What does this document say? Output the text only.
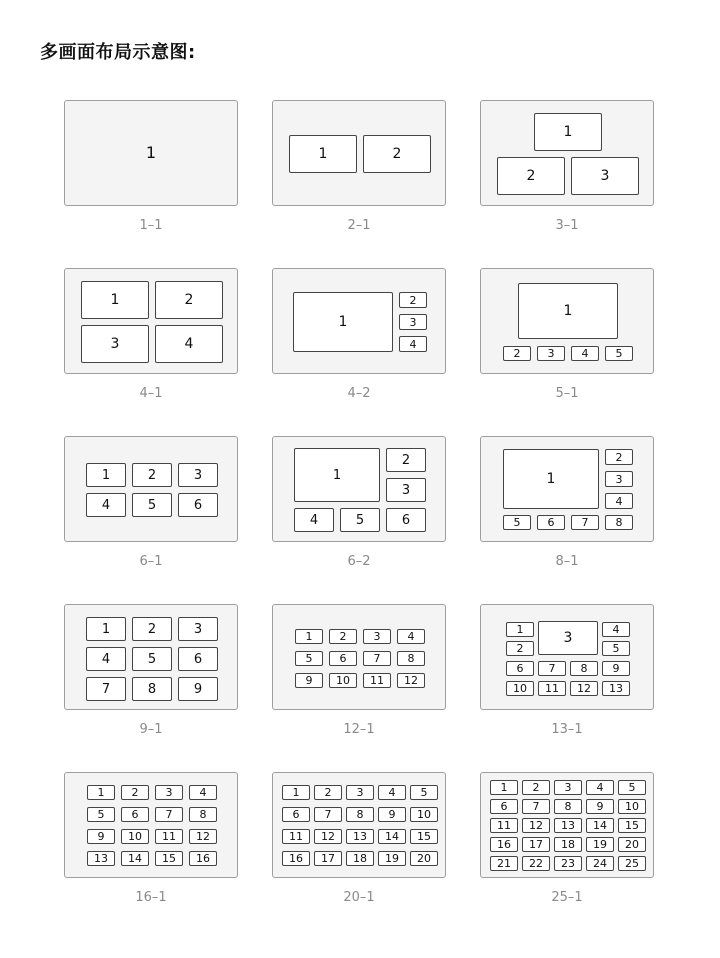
多画面布局示意图:
1
1–1
1	2
2–1
1
2	3
3–1
1	2
3	4
4–1
1
2
3
4
4–2
1
2	3	4	5
5–1
1	2	3
4	5	6
6–1
1
2
3
4	5	6
6–2
1
2
3
4
5	6	7	8
8–1
1	2	3
4	5	6
7	8	9
9–1
1	2	3	4
5	6	7	8
9	10	11	12
12–1
1
2
3
4
5
6	7	8	9
10	11	12	13
13–1
1	2	3	4
5	6	7	8
9	10	11	12
13	14	15	16
16–1
1	2	3	4	5
6	7	8	9	10
11	12	13	14	15
16	17	18	19	20
20–1
1	2	3	4	5
6	7	8	9	10
11	12	13	14	15
16	17	18	19	20
21	22	23	24	25
25–1
